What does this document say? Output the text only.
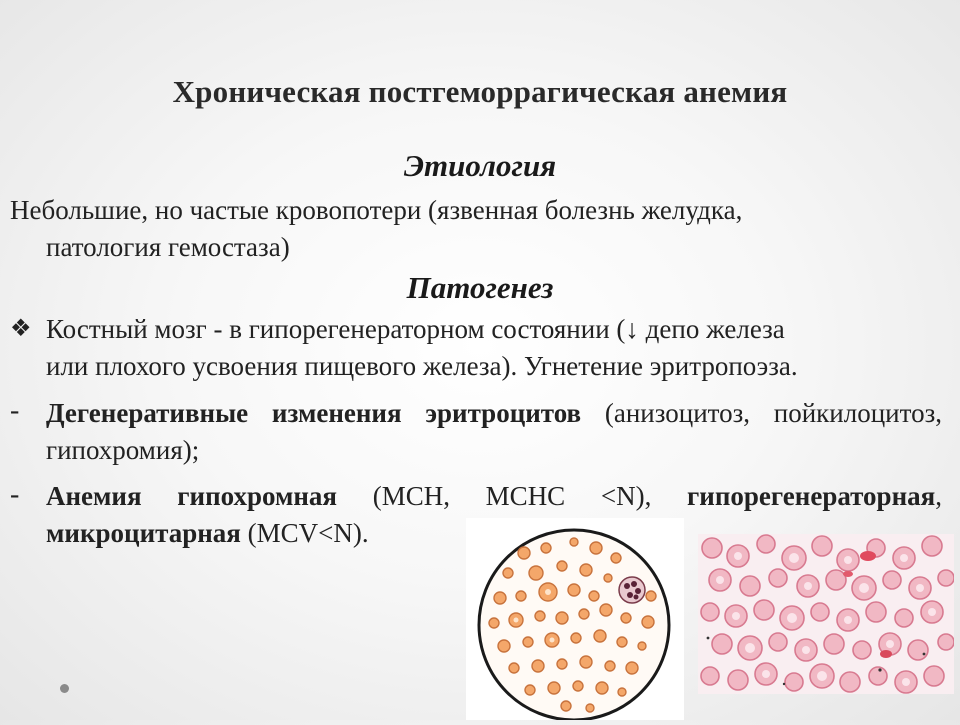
Хроническая постгеморрагическая анемия
Этиология
Небольшие, но частые кровопотери (язвенная болезнь желудка,
патология гемостаза)
Патогенез
❖ Костный мозг - в гипорегенераторном состоянии (↓ депо железа
или плохого усвоения пищевого железа). Угнетение эритропоэза.
- Дегенеративные изменения эритроцитов (анизоцитоз, пойкилоцитоз, гипохромия);
- Анемия гипохромная (MCH, MCHC <N), гипорегенераторная, микроцитарная (MCV<N).
